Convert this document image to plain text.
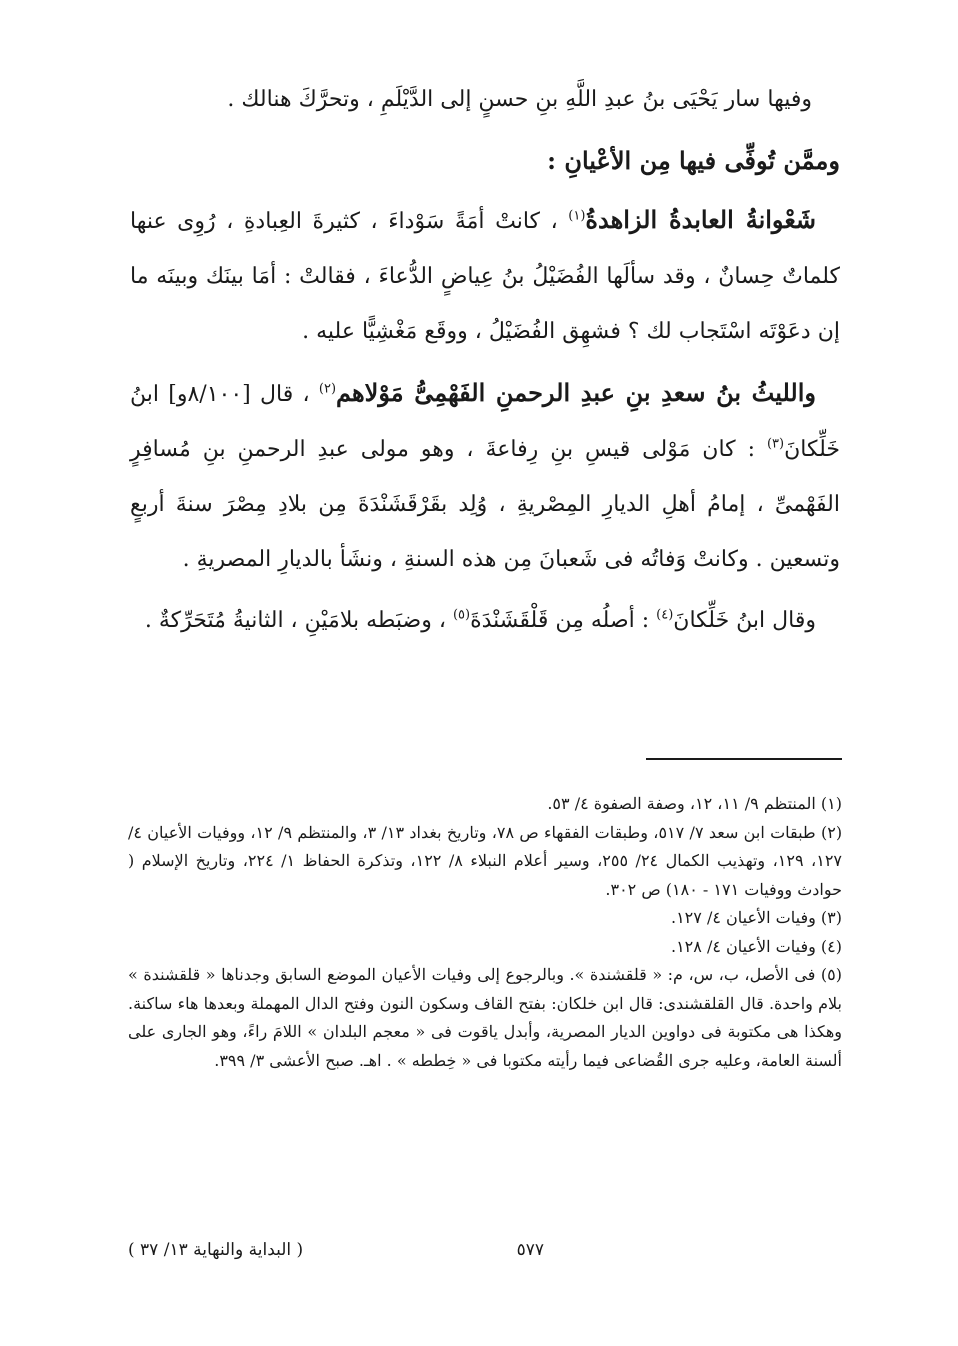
وفيها سار يَحْيَى بنُ عبدِ اللَّهِ بنِ حسنٍ إلى الدَّيْلَمِ ، وتحرَّكَ هنالك .

وممَّن تُوفِّى فيها مِن الأعْيانِ :

شَعْوانةُ العابدةُ الزاهدةُ$^{(١)}$ ، كانتْ أمَةً سَوْداءَ ، كثيرةَ العِبادةِ ، رُوِى عنها كلماتٌ حِسانٌ ، وقد سألَها الفُضَيْلُ بنُ عِياضٍ الدُّعاءَ ، فقالتْ : أمَا بينَك وبينَه ما إن دعَوْتَه اسْتَجاب لك ؟ فشهِق الفُضَيْلُ ، ووقَع مَغْشِيًّا عليه .

والليثُ بنُ سعدِ بنِ عبدِ الرحمنِ الفَهْمِىُّ مَوْلاهم$^{(٢)}$ ، قال [٨/١٠٠و] ابنُ خَلِّكانَ$^{(٣)}$ : كان مَوْلى قيسِ بنِ رِفاعةَ ، وهو مولى عبدِ الرحمنِ بنِ مُسافِرٍ الفَهْمىِّ ، إمامُ أهلِ الديارِ المِصْريةِ ، وُلِد بقَرْقَشَنْدَةَ مِن بلادِ مِصْرَ سنةَ أربعٍ وتسعين . وكانتْ وَفاتُه فى شَعبانَ مِن هذه السنةِ ، ونشَأ بالديارِ المصريةِ .

وقال ابنُ خَلِّكانَ$^{(٤)}$ : أصلُه مِن قَلْقَشَنْدَةَ$^{(٥)}$ ، وضبَطه بلامَيْنِ ، الثانيةُ مُتَحَرِّكةٌ .

(١) المنتظم ٩/ ١١، ١٢، وصفة الصفوة ٤/ ٥٣.

(٢) طبقات ابن سعد ٧/ ٥١٧، وطبقات الفقهاء ص ٧٨، وتاريخ بغداد ١٣/ ٣، والمنتظم ٩/ ١٢، ووفيات الأعيان ٤/ ١٢٧، ١٢٩، وتهذيب الكمال ٢٤/ ٢٥٥، وسير أعلام النبلاء ٨/ ١٢٢، وتذكرة الحفاظ ١/ ٢٢٤، وتاريخ الإسلام ( حوادث ووفيات ١٧١ - ١٨٠) ص ٣٠٢.

(٣) وفيات الأعيان ٤/ ١٢٧.

(٤) وفيات الأعيان ٤/ ١٢٨.

(٥) فى الأصل، ب، س، م: « قلقشندة ». وبالرجوع إلى وفيات الأعيان الموضع السابق وجدناها « قلقشندة » بلام واحدة. قال القلقشندى: قال ابن خلكان: بفتح القاف وسكون النون وفتح الدال المهملة وبعدها هاء ساكنة. وهكذا هى مكتوبة فى دواوين الديار المصرية، وأبدل ياقوت فى « معجم البلدان » اللامَ راءً، وهو الجارى على ألسنة العامة، وعليه جرى القُضاعى فيما رأيته مكتوبا فى « خِططه » . اهـ. صبح الأعشى ٣/ ٣٩٩.

٥٧٧
( البداية والنهاية ١٣/ ٣٧ )
